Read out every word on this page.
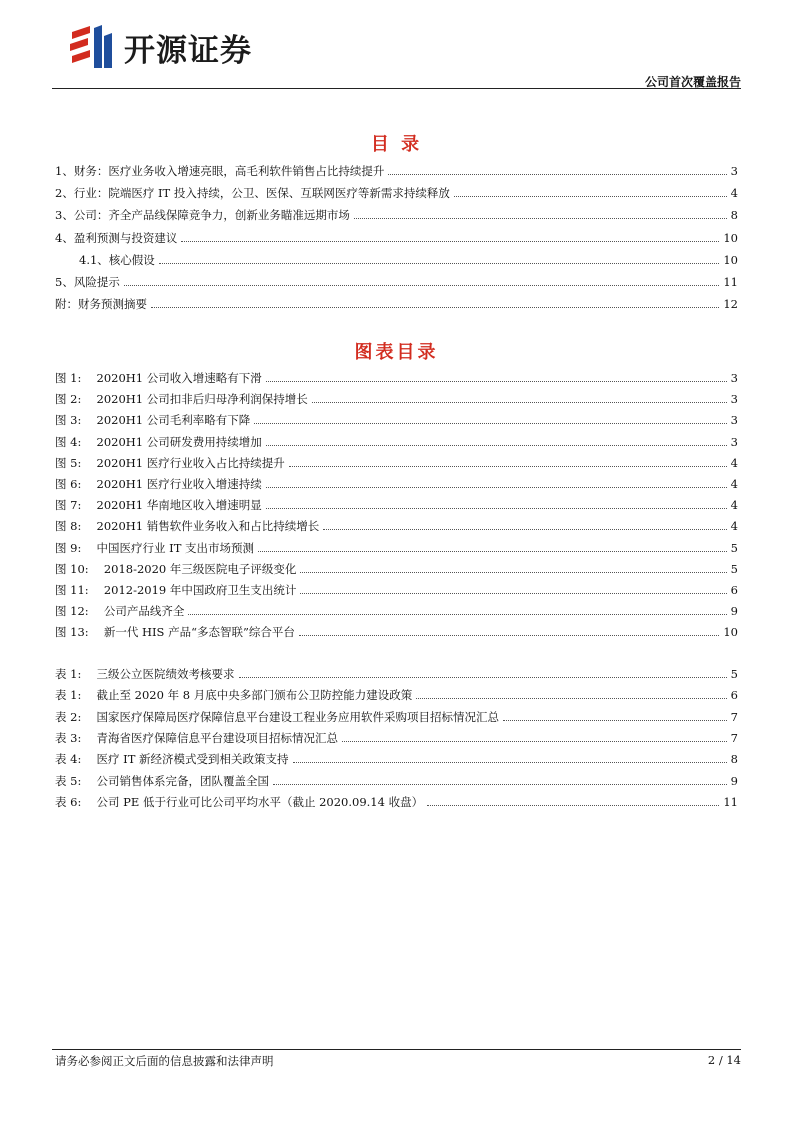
开源证券
公司首次覆盖报告
目 录
1、财务：医疗业务收入增速亮眼，高毛利软件销售占比持续提升	3
2、行业：院端医疗 IT 投入持续，公卫、医保、互联网医疗等新需求持续释放	4
3、公司：齐全产品线保障竞争力，创新业务瞄准远期市场	8
4、盈利预测与投资建议	10
4.1、核心假设	10
5、风险提示	11
附：财务预测摘要	12
图表目录
图 1:　 2020H1 公司收入增速略有下滑	3
图 2:　 2020H1 公司扣非后归母净利润保持增长	3
图 3:　 2020H1 公司毛利率略有下降	3
图 4:　 2020H1 公司研发费用持续增加	3
图 5:　 2020H1 医疗行业收入占比持续提升	4
图 6:　 2020H1 医疗行业收入增速持续	4
图 7:　 2020H1 华南地区收入增速明显	4
图 8:　 2020H1 销售软件业务收入和占比持续增长	4
图 9:　 中国医疗行业 IT 支出市场预测	5
图 10:　 2018-2020 年三级医院电子评级变化	5
图 11:　 2012-2019 年中国政府卫生支出统计	6
图 12:　 公司产品线齐全	9
图 13:　 新一代 HIS 产品“多态智联”综合平台	10
表 1:　 三级公立医院绩效考核要求	5
表 1:　 截止至 2020 年 8 月底中央多部门颁布公卫防控能力建设政策	6
表 2:　 国家医疗保障局医疗保障信息平台建设工程业务应用软件采购项目招标情况汇总	7
表 3:　 青海省医疗保障信息平台建设项目招标情况汇总	7
表 4:　 医疗 IT 新经济模式受到相关政策支持	8
表 5:　 公司销售体系完备，团队覆盖全国	9
表 6:　 公司 PE 低于行业可比公司平均水平（截止 2020.09.14 收盘）	11
请务必参阅正文后面的信息披露和法律声明	2 / 14
